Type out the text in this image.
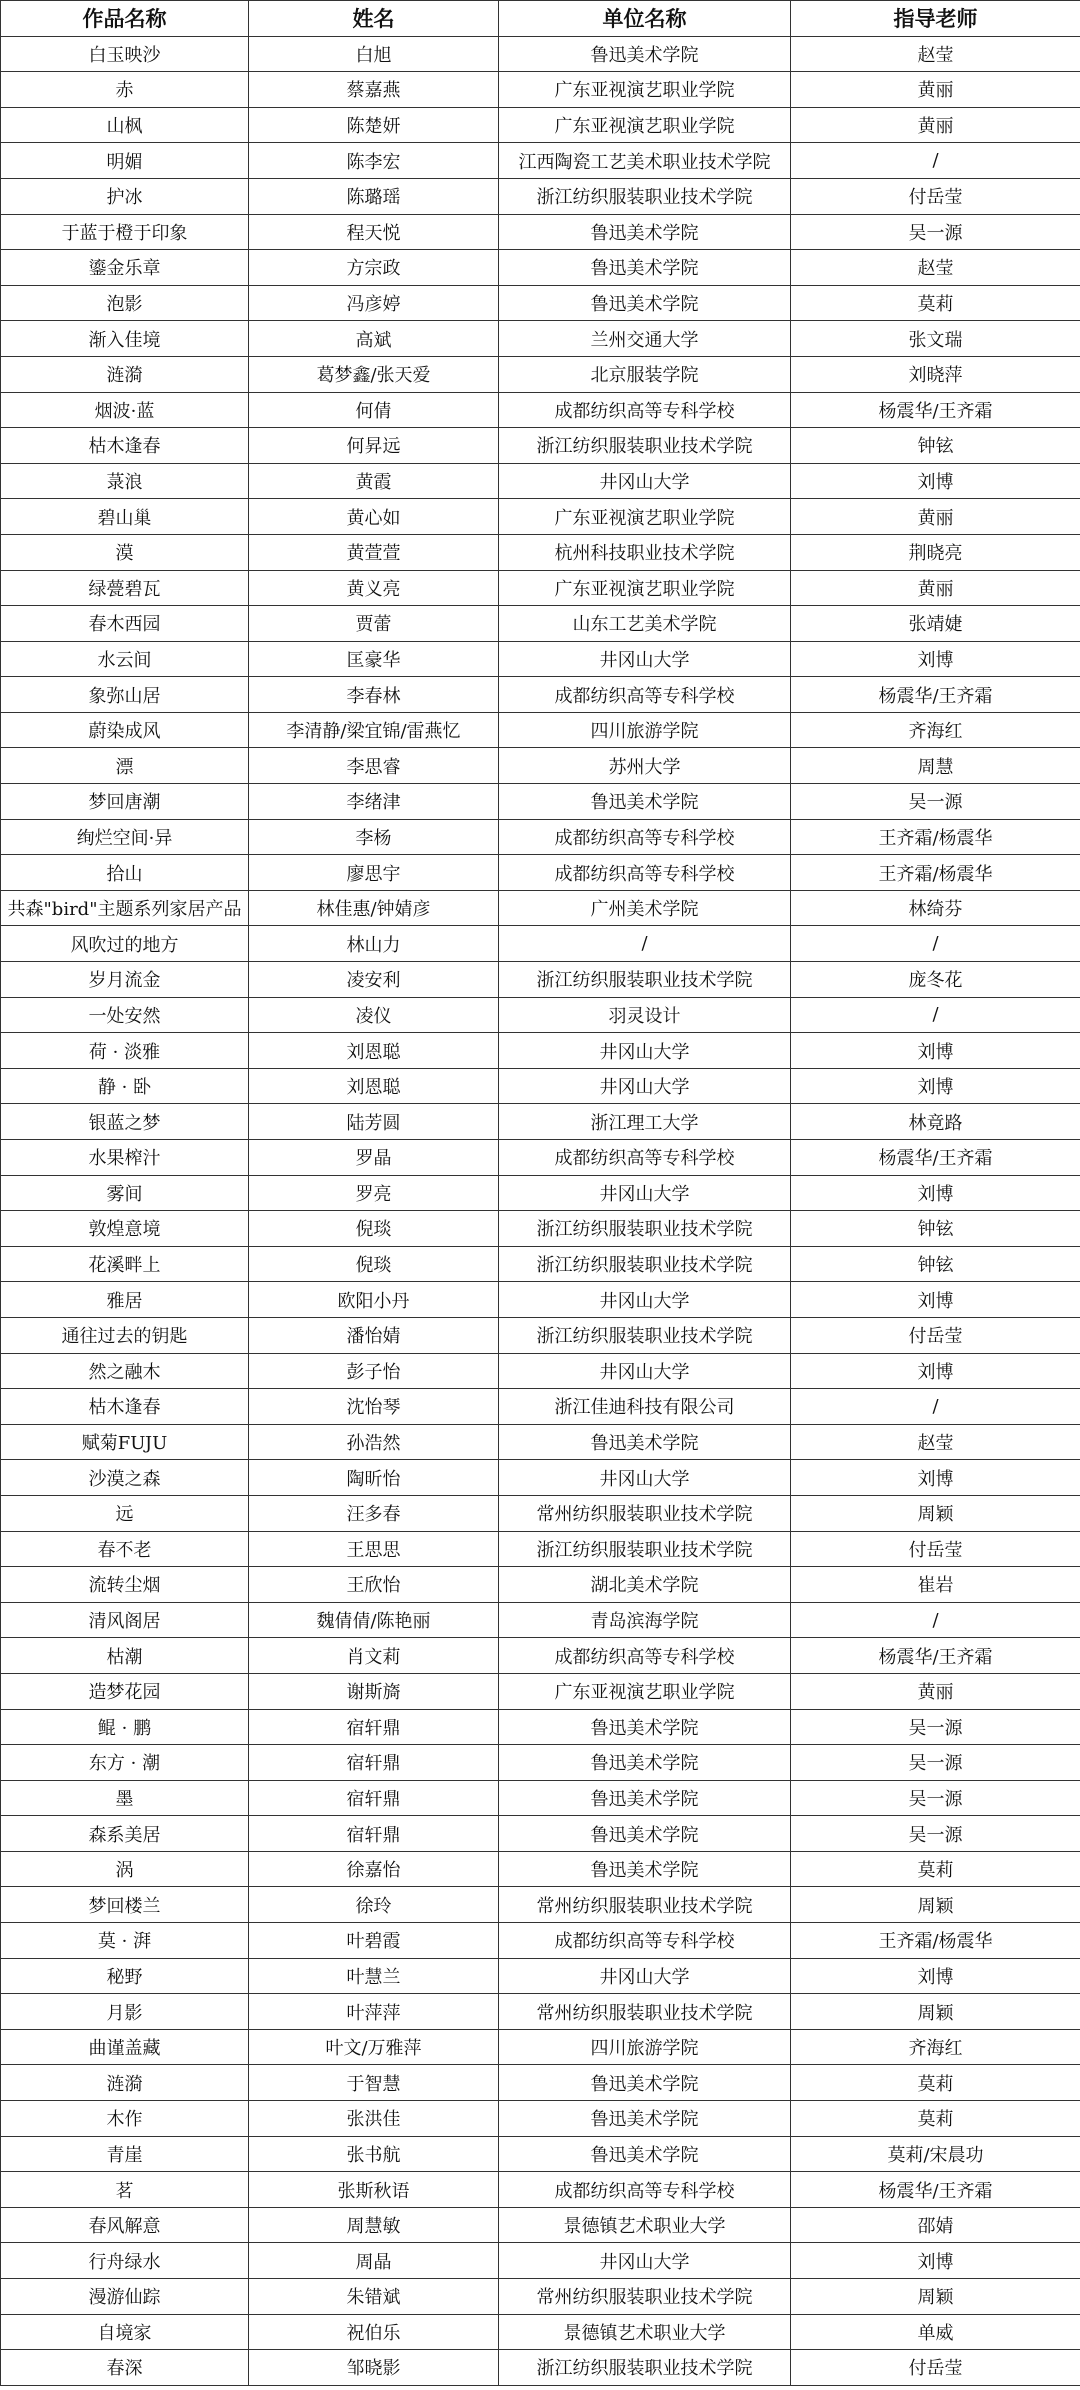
作品名称	姓名	单位名称	指导老师
白玉映沙	白旭	鲁迅美术学院	赵莹
赤	蔡嘉燕	广东亚视演艺职业学院	黄丽
山枫	陈楚妍	广东亚视演艺职业学院	黄丽
明媚	陈李宏	江西陶瓷工艺美术职业技术学院	/
护冰	陈璐瑶	浙江纺织服装职业技术学院	付岳莹
于蓝于橙于印象	程天悦	鲁迅美术学院	吴一源
鎏金乐章	方宗政	鲁迅美术学院	赵莹
泡影	冯彦婷	鲁迅美术学院	莫莉
渐入佳境	高斌	兰州交通大学	张文瑞
涟漪	葛梦鑫/张天爱	北京服装学院	刘晓萍
烟波·蓝	何倩	成都纺织高等专科学校	杨震华/王齐霜
枯木逢春	何昇远	浙江纺织服装职业技术学院	钟铉
菉浪	黄霞	井冈山大学	刘博
碧山巢	黄心如	广东亚视演艺职业学院	黄丽
漠	黄萱萱	杭州科技职业技术学院	荆晓亮
绿甍碧瓦	黄义亮	广东亚视演艺职业学院	黄丽
春木西园	贾蕾	山东工艺美术学院	张靖婕
水云间	匡豪华	井冈山大学	刘博
象弥山居	李春林	成都纺织高等专科学校	杨震华/王齐霜
蔚染成风	李清静/梁宜锦/雷燕忆	四川旅游学院	齐海红
漂	李思睿	苏州大学	周慧
梦回唐潮	李绪津	鲁迅美术学院	吴一源
绚烂空间·异	李杨	成都纺织高等专科学校	王齐霜/杨震华
拾山	廖思宇	成都纺织高等专科学校	王齐霜/杨震华
共森"bird"主题系列家居产品	林佳惠/钟婧彦	广州美术学院	林绮芬
风吹过的地方	林山力	/	/
岁月流金	凌安利	浙江纺织服装职业技术学院	庞冬花
一处安然	凌仪	羽灵设计	/
荷 · 淡雅	刘恩聪	井冈山大学	刘博
静 · 卧	刘恩聪	井冈山大学	刘博
银蓝之梦	陆芳圆	浙江理工大学	林竟路
水果榨汁	罗晶	成都纺织高等专科学校	杨震华/王齐霜
雾间	罗亮	井冈山大学	刘博
敦煌意境	倪琰	浙江纺织服装职业技术学院	钟铉
花溪畔上	倪琰	浙江纺织服装职业技术学院	钟铉
雅居	欧阳小丹	井冈山大学	刘博
通往过去的钥匙	潘怡婧	浙江纺织服装职业技术学院	付岳莹
然之融木	彭子怡	井冈山大学	刘博
枯木逢春	沈怡琴	浙江佳迪科技有限公司	/
赋菊FUJU	孙浩然	鲁迅美术学院	赵莹
沙漠之森	陶昕怡	井冈山大学	刘博
远	汪多春	常州纺织服装职业技术学院	周颖
春不老	王思思	浙江纺织服装职业技术学院	付岳莹
流转尘烟	王欣怡	湖北美术学院	崔岩
清风阁居	魏倩倩/陈艳丽	青岛滨海学院	/
枯潮	肖文莉	成都纺织高等专科学校	杨震华/王齐霜
造梦花园	谢斯旖	广东亚视演艺职业学院	黄丽
鲲 · 鹏	宿轩鼎	鲁迅美术学院	吴一源
东方 · 潮	宿轩鼎	鲁迅美术学院	吴一源
墨	宿轩鼎	鲁迅美术学院	吴一源
森系美居	宿轩鼎	鲁迅美术学院	吴一源
涡	徐嘉怡	鲁迅美术学院	莫莉
梦回楼兰	徐玲	常州纺织服装职业技术学院	周颖
莫 · 湃	叶碧霞	成都纺织高等专科学校	王齐霜/杨震华
秘野	叶慧兰	井冈山大学	刘博
月影	叶萍萍	常州纺织服装职业技术学院	周颖
曲谨盖藏	叶文/万雅萍	四川旅游学院	齐海红
涟漪	于智慧	鲁迅美术学院	莫莉
木作	张洪佳	鲁迅美术学院	莫莉
青崖	张书航	鲁迅美术学院	莫莉/宋晨功
茗	张斯秋语	成都纺织高等专科学校	杨震华/王齐霜
春风解意	周慧敏	景德镇艺术职业大学	邵婧
行舟绿水	周晶	井冈山大学	刘博
漫游仙踪	朱错斌	常州纺织服装职业技术学院	周颖
自境家	祝伯乐	景德镇艺术职业大学	单威
春深	邹晓影	浙江纺织服装职业技术学院	付岳莹
